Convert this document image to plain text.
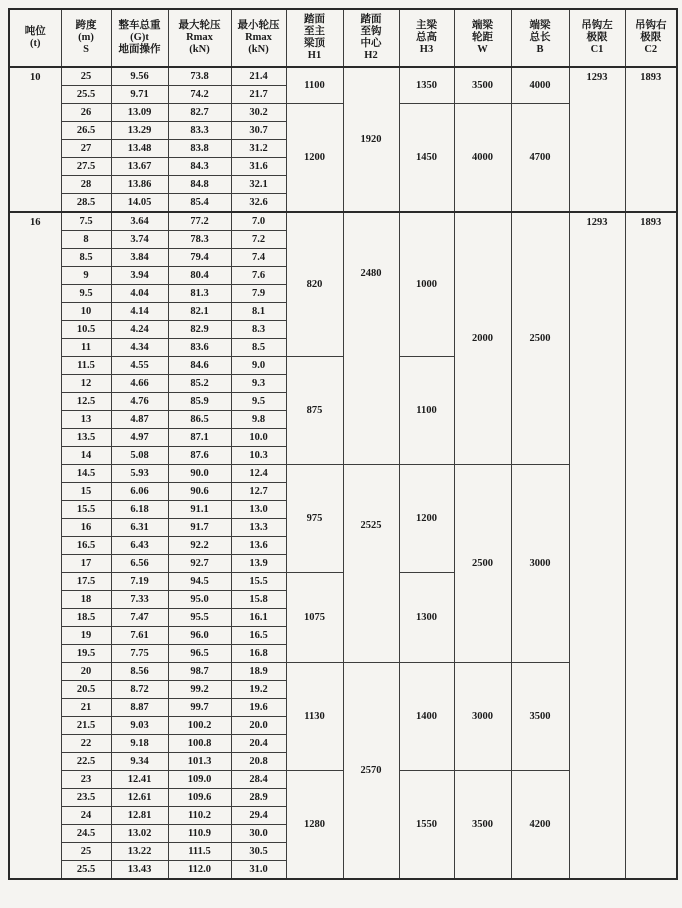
吨位
(t)	跨度
(m)
S	整车总重
(G)t
地面操作	最大轮压
Rmax
(kN)	最小轮压
Rmax
(kN)	踏面
至主
梁顶
H1	踏面
至钩
中心
H2	主梁
总高
H3	端梁
轮距
W	端梁
总长
B	吊钩左
极限
C1	吊钩右
极限
C2

10	25	9.56	73.8	21.4	1100	1920	1350	3500	4000	1293	1893
	25.5	9.71	74.2	21.7							
	26	13.09	82.7	30.2	1200		1450	4000	4700		
	26.5	13.29	83.3	30.7							
	27	13.48	83.8	31.2							
	27.5	13.67	84.3	31.6							
	28	13.86	84.8	32.1							
	28.5	14.05	85.4	32.6							
16	7.5	3.64	77.2	7.0	820	2480	1000	2000	2500	1293	1893
	8	3.74	78.3	7.2							
	8.5	3.84	79.4	7.4							
	9	3.94	80.4	7.6							
	9.5	4.04	81.3	7.9							
	10	4.14	82.1	8.1							
	10.5	4.24	82.9	8.3							
	11	4.34	83.6	8.5							
	11.5	4.55	84.6	9.0	875		1100				
	12	4.66	85.2	9.3							
	12.5	4.76	85.9	9.5							
	13	4.87	86.5	9.8							
	13.5	4.97	87.1	10.0							
	14	5.08	87.6	10.3							
	14.5	5.93	90.0	12.4	975	2525	1200	2500	3000		
	15	6.06	90.6	12.7							
	15.5	6.18	91.1	13.0							
	16	6.31	91.7	13.3							
	16.5	6.43	92.2	13.6							
	17	6.56	92.7	13.9							
	17.5	7.19	94.5	15.5	1075		1300				
	18	7.33	95.0	15.8							
	18.5	7.47	95.5	16.1							
	19	7.61	96.0	16.5							
	19.5	7.75	96.5	16.8							
	20	8.56	98.7	18.9	1130	2570	1400	3000	3500		
	20.5	8.72	99.2	19.2							
	21	8.87	99.7	19.6							
	21.5	9.03	100.2	20.0							
	22	9.18	100.8	20.4							
	22.5	9.34	101.3	20.8							
	23	12.41	109.0	28.4	1280		1550	3500	4200		
	23.5	12.61	109.6	28.9							
	24	12.81	110.2	29.4							
	24.5	13.02	110.9	30.0							
	25	13.22	111.5	30.5							
	25.5	13.43	112.0	31.0							
